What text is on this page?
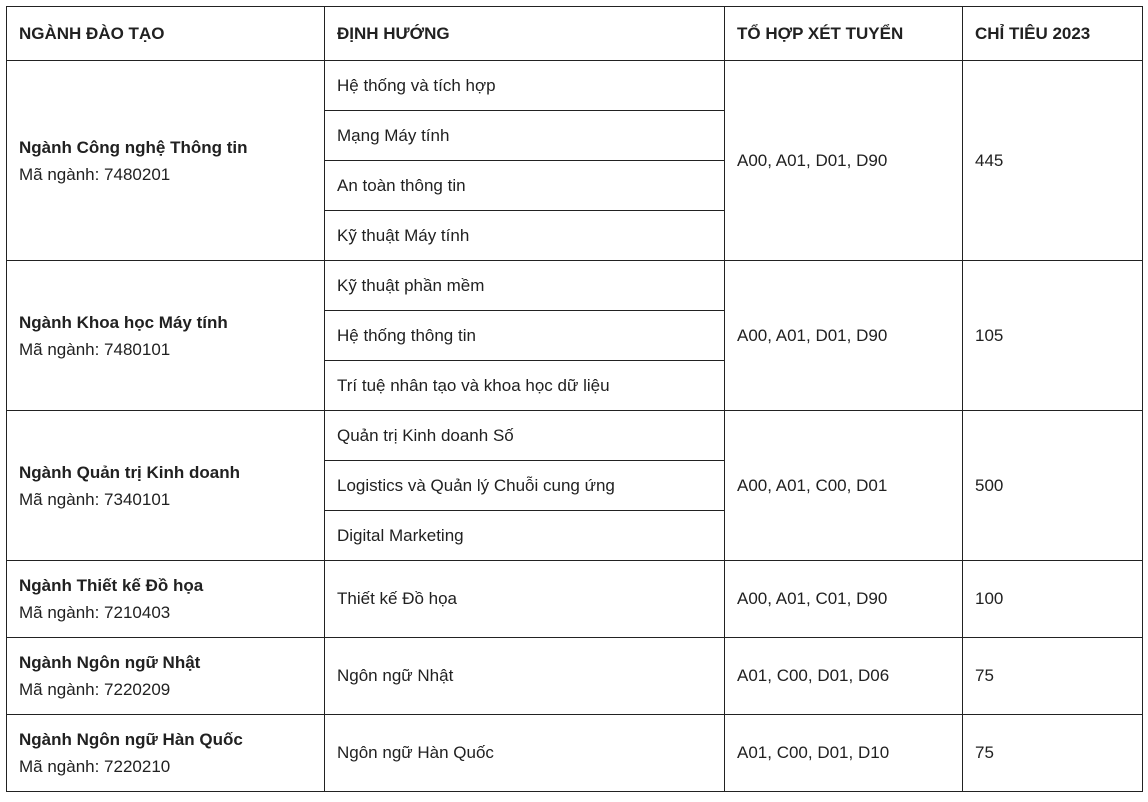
NGÀNH ĐÀO TẠO	ĐỊNH HƯỚNG	TỔ HỢP XÉT TUYỂN	CHỈ TIÊU 2023

Ngành Công nghệ Thông tin
Mã ngành: 7480201	Hệ thống và tích hợp	A00, A01, D01, D90	445
	Mạng Máy tính		
	An toàn thông tin		
	Kỹ thuật Máy tính		

Ngành Khoa học Máy tính
Mã ngành: 7480101	Kỹ thuật phần mềm	A00, A01, D01, D90	105
	Hệ thống thông tin		
	Trí tuệ nhân tạo và khoa học dữ liệu		

Ngành Quản trị Kinh doanh
Mã ngành: 7340101	Quản trị Kinh doanh Số	A00, A01, C00, D01	500
	Logistics và Quản lý Chuỗi cung ứng		
	Digital Marketing		

Ngành Thiết kế Đồ họa
Mã ngành: 7210403	Thiết kế Đồ họa	A00, A01, C01, D90	100

Ngành Ngôn ngữ Nhật
Mã ngành: 7220209	Ngôn ngữ Nhật	A01, C00, D01, D06	75

Ngành Ngôn ngữ Hàn Quốc
Mã ngành: 7220210	Ngôn ngữ Hàn Quốc	A01, C00, D01, D10	75
